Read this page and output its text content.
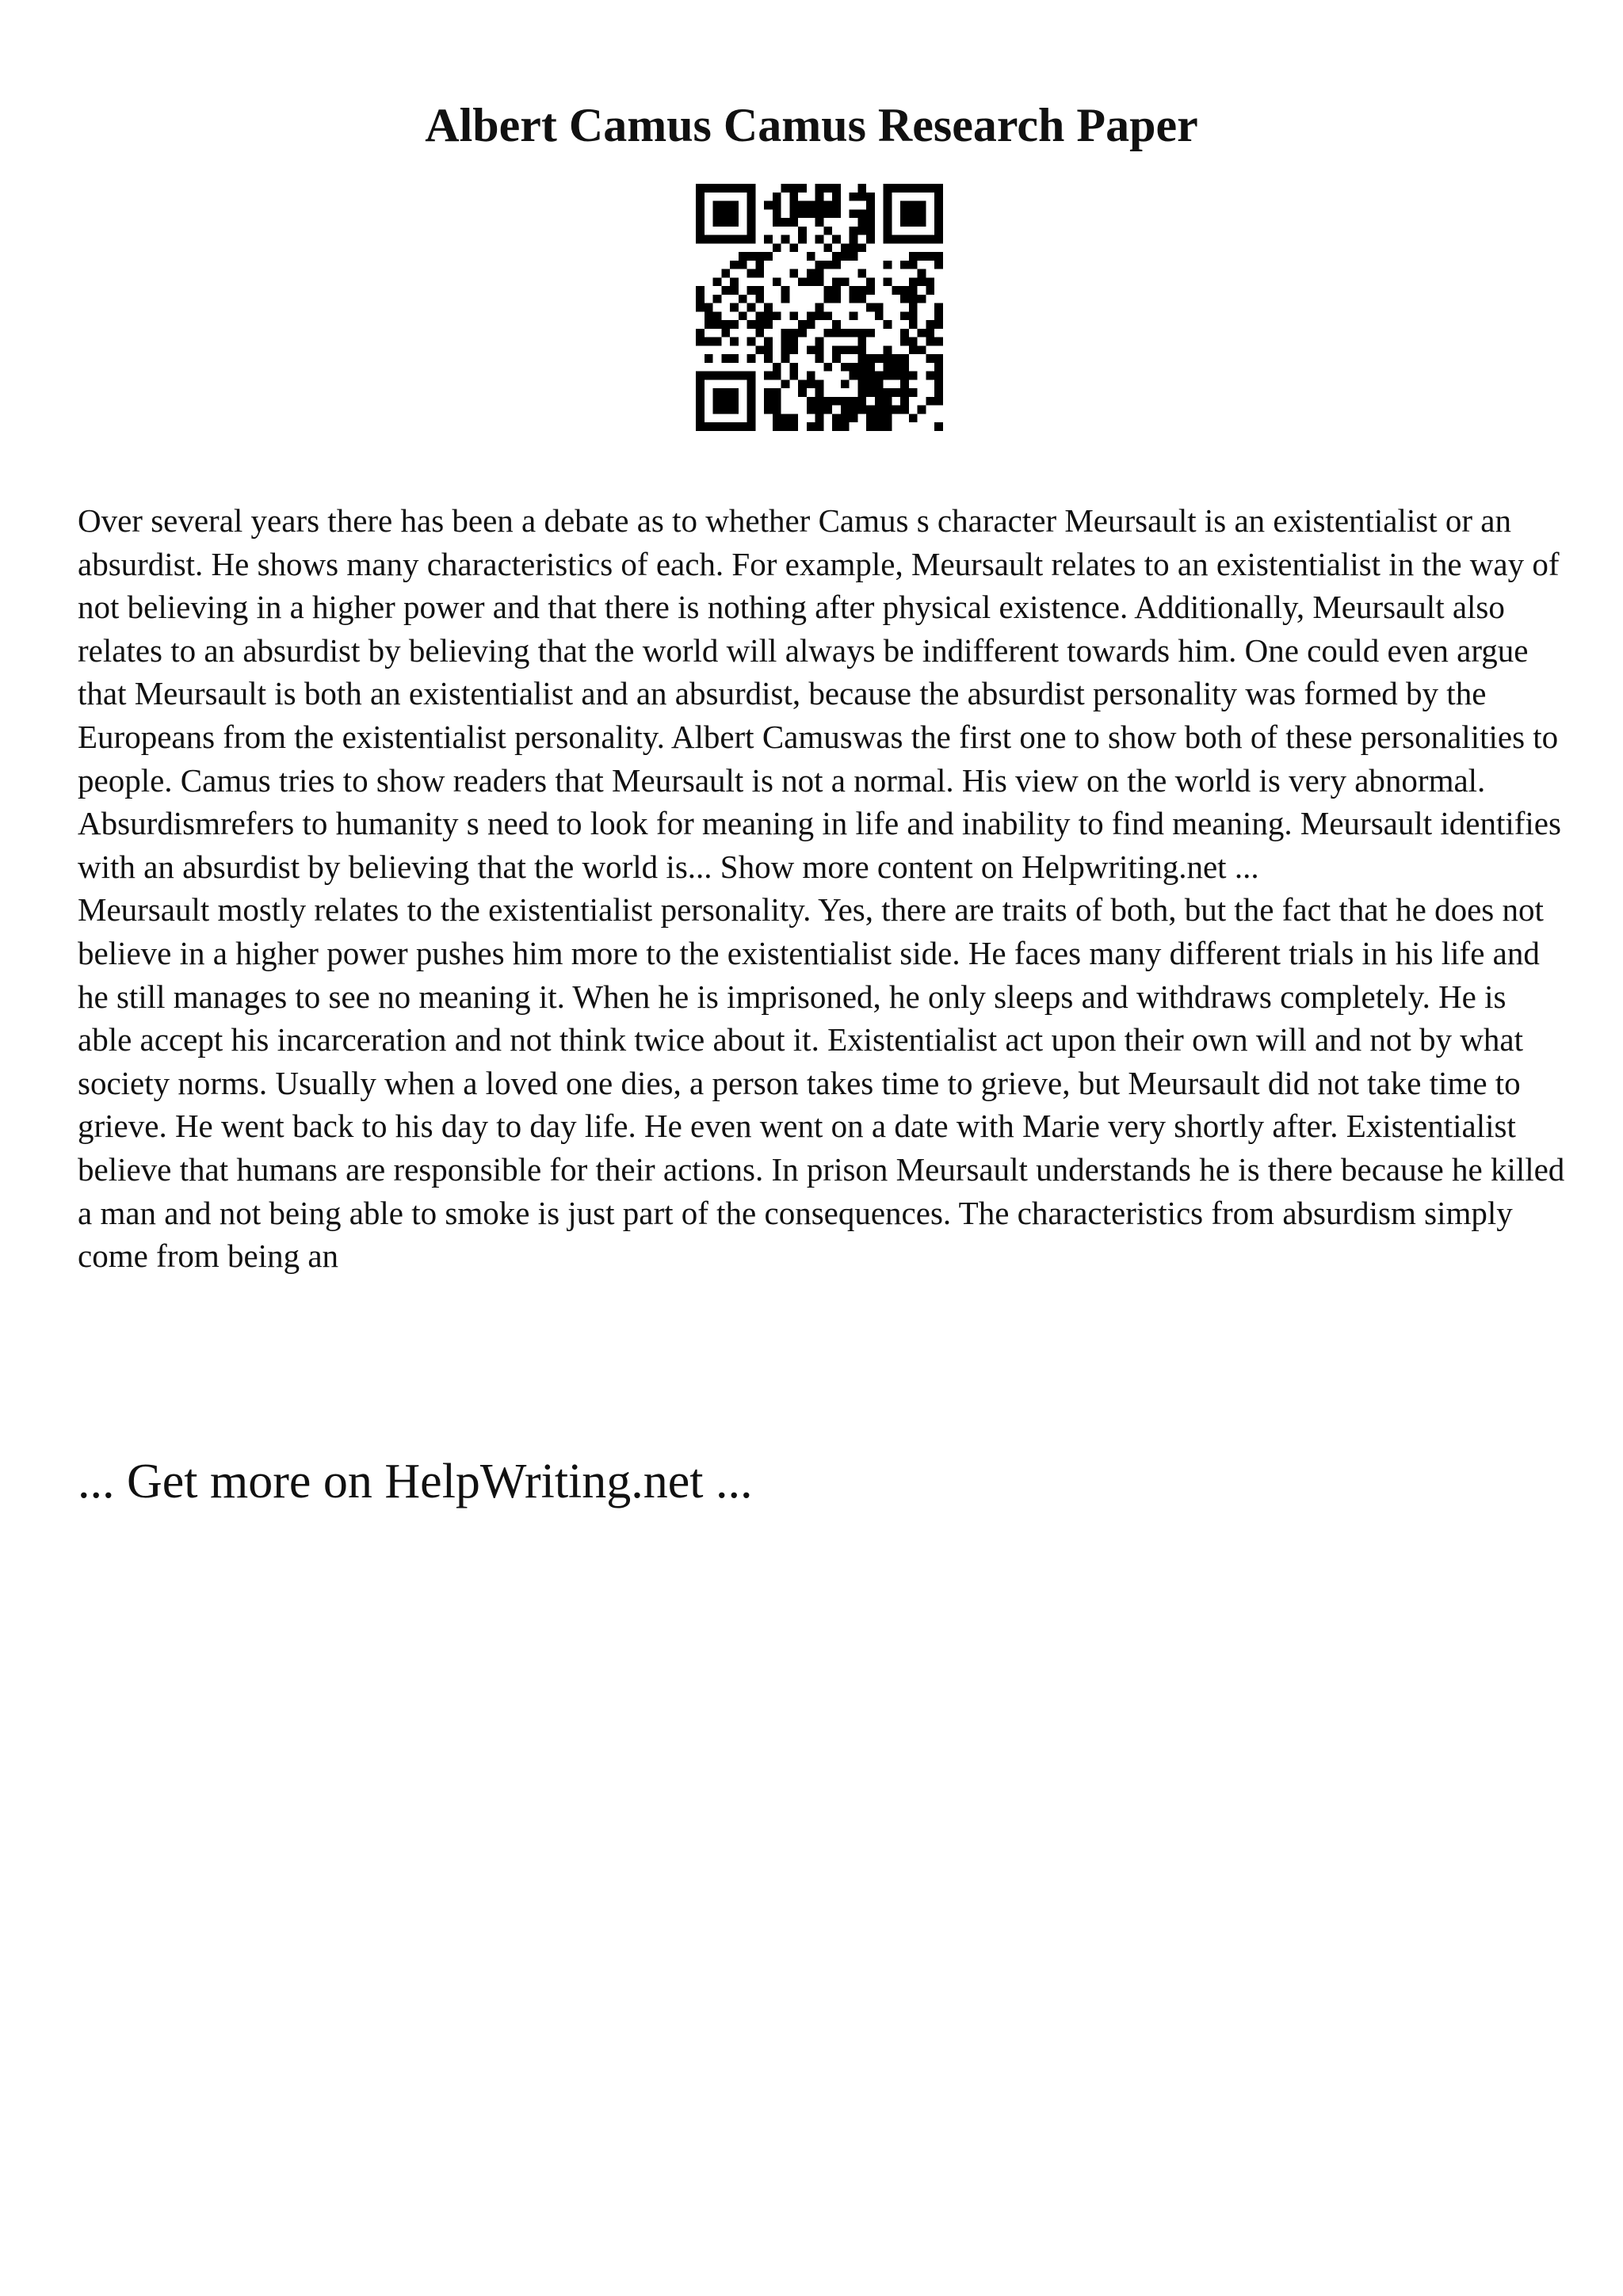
Albert Camus Camus Research Paper

Over several years there has been a debate as to whether Camus s character Meursault is an existentialist or an absurdist. He shows many characteristics of each. For example, Meursault relates to an existentialist in the way of not believing in a higher power and that there is nothing after physical existence. Additionally, Meursault also relates to an absurdist by believing that the world will always be indifferent towards him. One could even argue that Meursault is both an existentialist and an absurdist, because the absurdist personality was formed by the Europeans from the existentialist personality. Albert Camuswas the first one to show both of these personalities to people. Camus tries to show readers that Meursault is not a normal. His view on the world is very abnormal. Absurdismrefers to humanity s need to look for meaning in life and inability to find meaning. Meursault identifies with an absurdist by believing that the world is... Show more content on Helpwriting.net ...

Meursault mostly relates to the existentialist personality. Yes, there are traits of both, but the fact that he does not believe in a higher power pushes him more to the existentialist side. He faces many different trials in his life and he still manages to see no meaning it. When he is imprisoned, he only sleeps and withdraws completely. He is able accept his incarceration and not think twice about it. Existentialist act upon their own will and not by what society norms. Usually when a loved one dies, a person takes time to grieve, but Meursault did not take time to grieve. He went back to his day to day life. He even went on a date with Marie very shortly after. Existentialist believe that humans are responsible for their actions. In prison Meursault understands he is there because he killed a man and not being able to smoke is just part of the consequences. The characteristics from absurdism simply come from being an

... Get more on HelpWriting.net ...
